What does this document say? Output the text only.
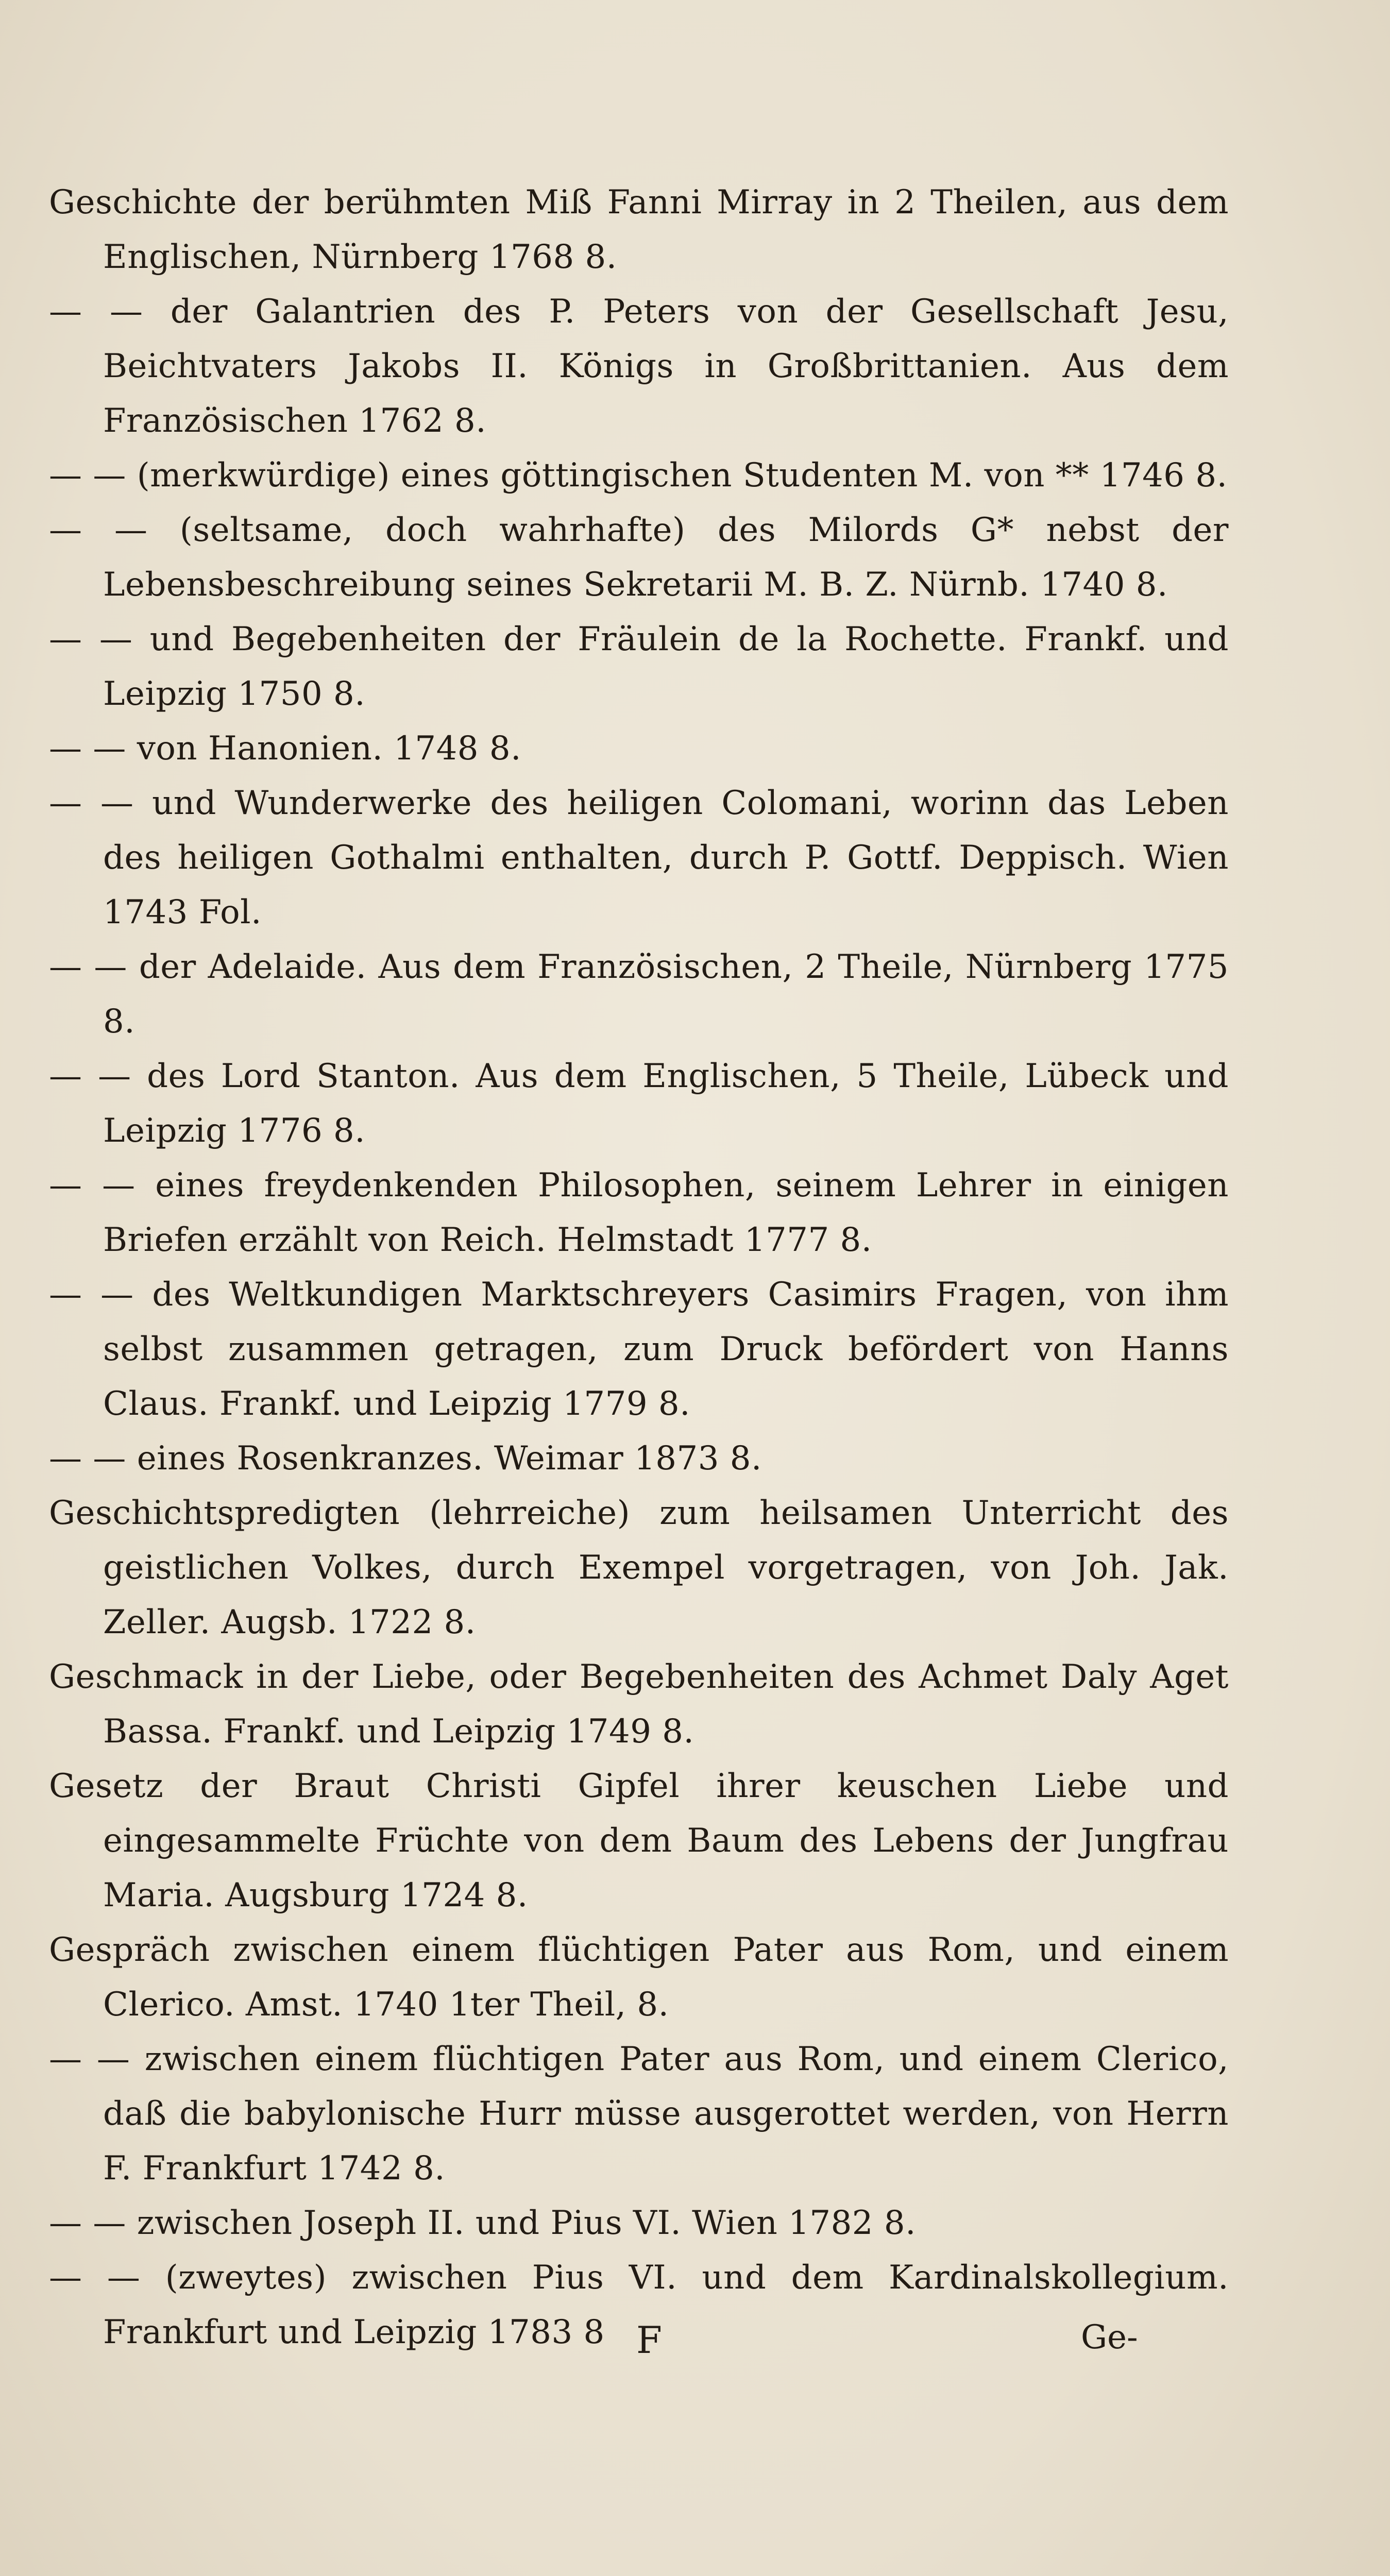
Geschichte der berühmten Miß Fanni Mirray in 2 Theilen, aus dem Englischen, Nürnberg 1768 8.

— — der Galantrien des P. Peters von der Gesellschaft Jesu, Beichtvaters Jakobs II. Königs in Großbrittanien. Aus dem Französischen 1762 8.

— — (merkwürdige) eines göttingischen Studenten M. von ** 1746 8.

— — (seltsame, doch wahrhafte) des Milords G* nebst der Lebensbeschreibung seines Sekretarii M. B. Z. Nürnb. 1740 8.

— — und Begebenheiten der Fräulein de la Rochette. Frankf. und Leipzig 1750 8.

— — von Hanonien. 1748 8.

— — und Wunderwerke des heiligen Colomani, worinn das Leben des heiligen Gothalmi enthalten, durch P. Gottf. Deppisch. Wien 1743 Fol.

— — der Adelaide. Aus dem Französischen, 2 Theile, Nürnberg 1775 8.

— — des Lord Stanton. Aus dem Englischen, 5 Theile, Lübeck und Leipzig 1776 8.

— — eines freydenkenden Philosophen, seinem Lehrer in einigen Briefen erzählt von Reich. Helmstadt 1777 8.

— — des Weltkundigen Marktschreyers Casimirs Fragen, von ihm selbst zusammen getragen, zum Druck befördert von Hanns Claus. Frankf. und Leipzig 1779 8.

— — eines Rosenkranzes. Weimar 1873 8.

Geschichtspredigten (lehrreiche) zum heilsamen Unterricht des geistlichen Volkes, durch Exempel vorgetragen, von Joh. Jak. Zeller. Augsb. 1722 8.

Geschmack in der Liebe, oder Begebenheiten des Achmet Daly Aget Bassa. Frankf. und Leipzig 1749 8.

Gesetz der Braut Christi Gipfel ihrer keuschen Liebe und eingesammelte Früchte von dem Baum des Lebens der Jungfrau Maria. Augsburg 1724 8.

Gespräch zwischen einem flüchtigen Pater aus Rom, und einem Clerico. Amst. 1740 1ter Theil, 8.

— — zwischen einem flüchtigen Pater aus Rom, und einem Clerico, daß die babylonische Hurr müsse ausgerottet werden, von Herrn F. Frankfurt 1742 8.

— — zwischen Joseph II. und Pius VI. Wien 1782 8.

— — (zweytes) zwischen Pius VI. und dem Kardinalskollegium. Frankfurt und Leipzig 1783 8 F	Ge-
